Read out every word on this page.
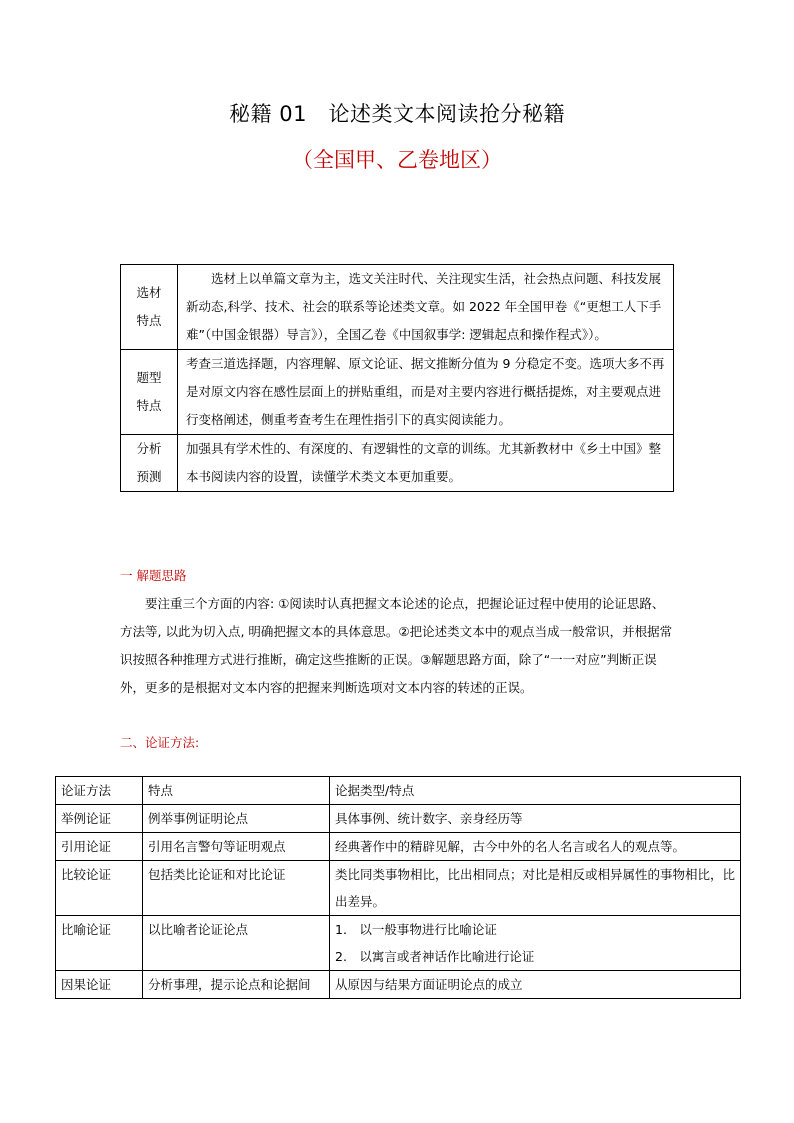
秘籍 01　论述类文本阅读抢分秘籍
（全国甲、乙卷地区）
选材
特点	选材上以单篇文章为主，选文关注时代、关注现实生活，社会热点问题、科技发展新动态,科学、技术、社会的联系等论述类文章。如 2022 年全国甲卷《“更想工人下手难”（中国金银器）导言》），全国乙卷《中国叙事学: 逻辑起点和操作程式》）。

题型
特点	考查三道选择题，内容理解、原文论证、据文推断分值为 9 分稳定不变。选项大多不再是对原文内容在感性层面上的拼贴重组，而是对主要内容进行概括提炼，对主要观点进行变格阐述，侧重考查考生在理性指引下的真实阅读能力。

分析
预测	加强具有学术性的、有深度的、有逻辑性的文章的训练。尤其新教材中《乡土中国》整本书阅读内容的设置，读懂学术类文本更加重要。
一 解题思路
要注重三个方面的内容: ①阅读时认真把握文本论述的论点，把握论证过程中使用的论证思路、方法等, 以此为切入点, 明确把握文本的具体意思。②把论述类文本中的观点当成一般常识，并根据常识按照各种推理方式进行推断，确定这些推断的正误。③解题思路方面，除了“一一对应”判断正误外，更多的是根据对文本内容的把握来判断选项对文本内容的转述的正误。
二、论证方法:
论证方法	特点	论据类型/特点
举例论证	例举事例证明论点	具体事例、统计数字、亲身经历等
引用论证	引用名言警句等证明观点	经典著作中的精辟见解，古今中外的名人名言或名人的观点等。
比较论证	包括类比论证和对比论证	类比同类事物相比，比出相同点；对比是相反或相异属性的事物相比，比出差异。
比喻论证	以比喻者论证论点	1.　以一般事物进行比喻论证
2.　以寓言或者神话作比喻进行论证

因果论证	分析事理，提示论点和论据间	从原因与结果方面证明论点的成立
